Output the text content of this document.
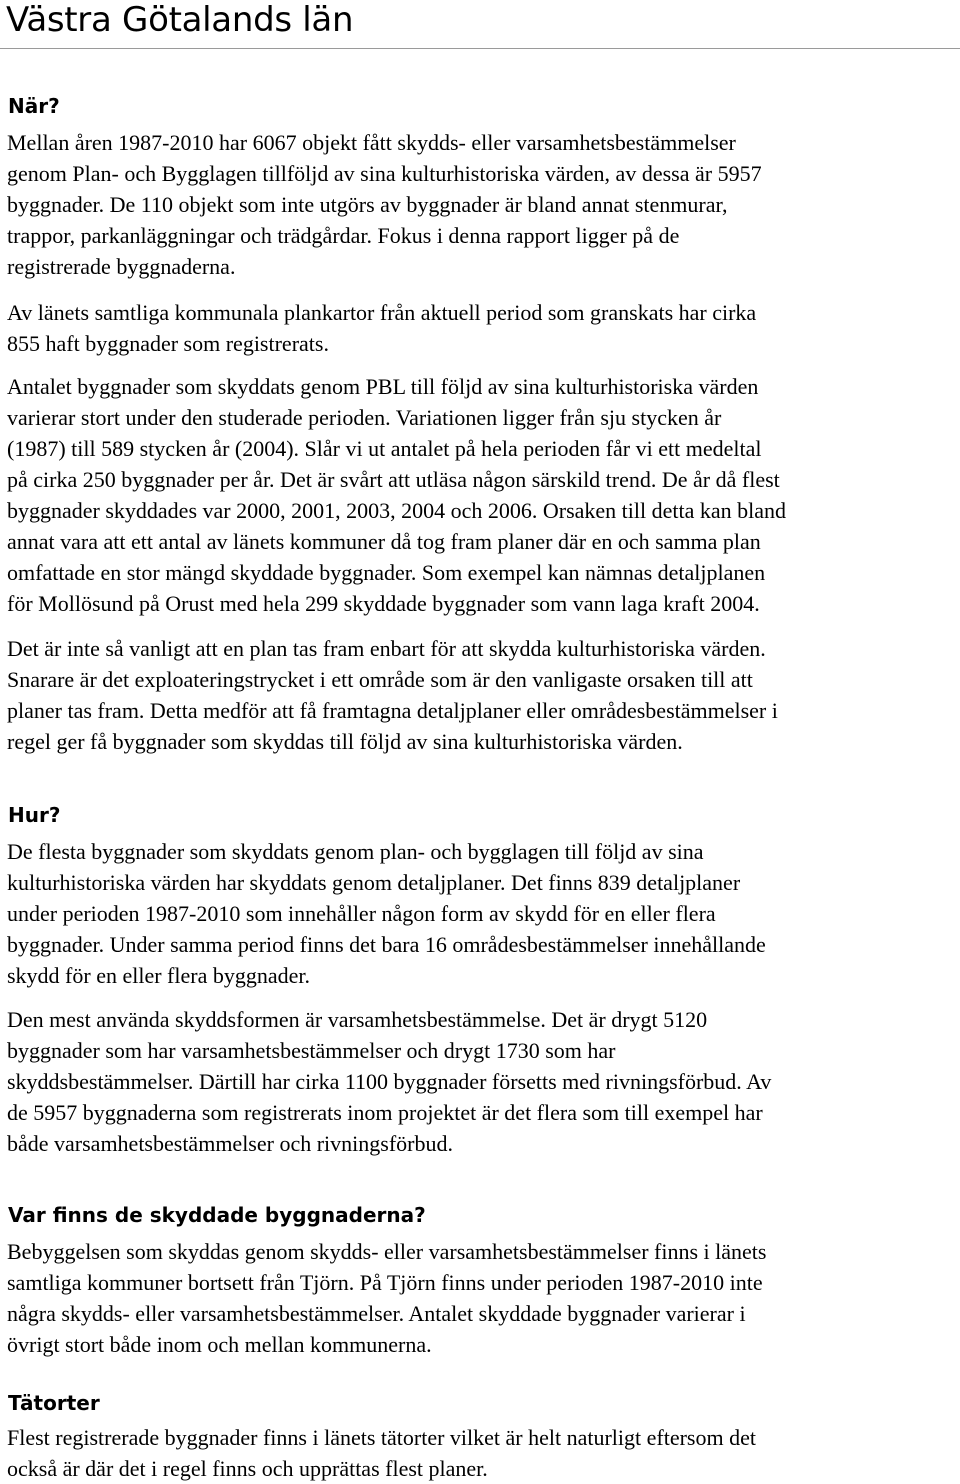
Västra Götalands län
När?
Mellan åren 1987-2010 har 6067 objekt fått skydds- eller varsamhetsbestämmelser
genom Plan- och Bygglagen tillföljd av sina kulturhistoriska värden, av dessa är 5957
byggnader. De 110 objekt som inte utgörs av byggnader är bland annat stenmurar,
trappor, parkanläggningar och trädgårdar. Fokus i denna rapport ligger på de
registrerade byggnaderna.
Av länets samtliga kommunala plankartor från aktuell period som granskats har cirka
855 haft byggnader som registrerats.
Antalet byggnader som skyddats genom PBL till följd av sina kulturhistoriska värden
varierar stort under den studerade perioden. Variationen ligger från sju stycken år
(1987) till 589 stycken år (2004). Slår vi ut antalet på hela perioden får vi ett medeltal
på cirka 250 byggnader per år. Det är svårt att utläsa någon särskild trend. De år då flest
byggnader skyddades var 2000, 2001, 2003, 2004 och 2006. Orsaken till detta kan bland
annat vara att ett antal av länets kommuner då tog fram planer där en och samma plan
omfattade en stor mängd skyddade byggnader. Som exempel kan nämnas detaljplanen
för Mollösund på Orust med hela 299 skyddade byggnader som vann laga kraft 2004.
Det är inte så vanligt att en plan tas fram enbart för att skydda kulturhistoriska värden.
Snarare är det exploateringstrycket i ett område som är den vanligaste orsaken till att
planer tas fram. Detta medför att få framtagna detaljplaner eller områdesbestämmelser i
regel ger få byggnader som skyddas till följd av sina kulturhistoriska värden.
Hur?
De flesta byggnader som skyddats genom plan- och bygglagen till följd av sina
kulturhistoriska värden har skyddats genom detaljplaner. Det finns 839 detaljplaner
under perioden 1987-2010 som innehåller någon form av skydd för en eller flera
byggnader. Under samma period finns det bara 16 områdesbestämmelser innehållande
skydd för en eller flera byggnader.
Den mest använda skyddsformen är varsamhetsbestämmelse. Det är drygt 5120
byggnader som har varsamhetsbestämmelser och drygt 1730 som har
skyddsbestämmelser. Därtill har cirka 1100 byggnader försetts med rivningsförbud. Av
de 5957 byggnaderna som registrerats inom projektet är det flera som till exempel har
både varsamhetsbestämmelser och rivningsförbud.
Var finns de skyddade byggnaderna?
Bebyggelsen som skyddas genom skydds- eller varsamhetsbestämmelser finns i länets
samtliga kommuner bortsett från Tjörn. På Tjörn finns under perioden 1987-2010 inte
några skydds- eller varsamhetsbestämmelser. Antalet skyddade byggnader varierar i
övrigt stort både inom och mellan kommunerna.
Tätorter
Flest registrerade byggnader finns i länets tätorter vilket är helt naturligt eftersom det
också är där det i regel finns och upprättas flest planer.
